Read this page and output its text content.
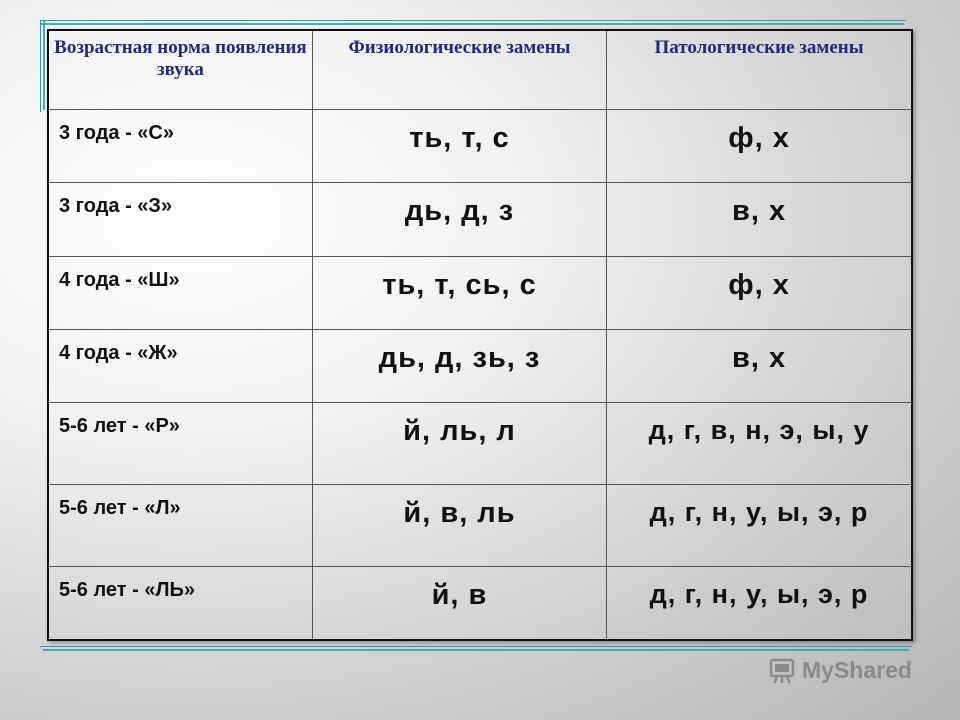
Возрастная норма появления звука	Физиологические замены	Патологические замены
3 года - «С»	ть, т, с	ф, х
3 года - «З»	дь, д, з	в, х
4 года - «Ш»	ть, т, сь, с	ф, х
4 года - «Ж»	дь, д, зь, з	в, х
5-6 лет - «Р»	й, ль, л	д, г, в, н, э, ы, у
5-6 лет - «Л»	й, в, ль	д, г, н, у, ы, э, р
5-6 лет - «ЛЬ»	й, в	д, г, н, у, ы, э, р
MyShared
